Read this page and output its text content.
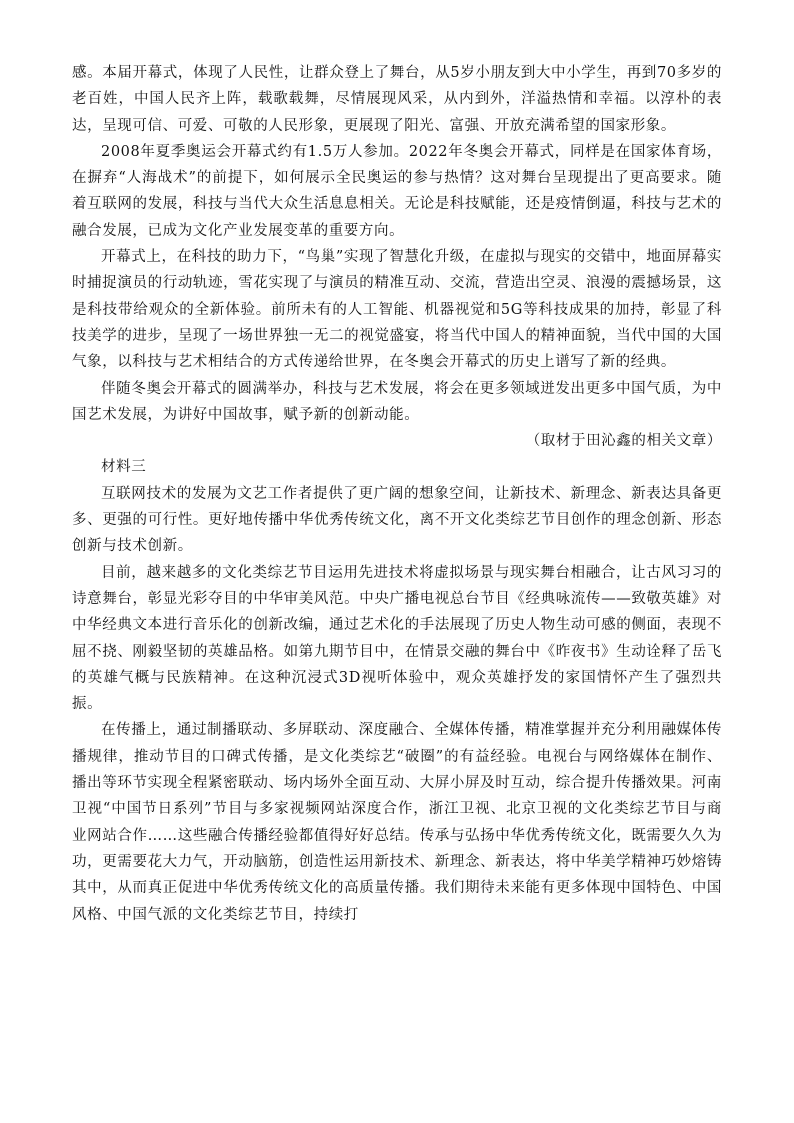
感。本届开幕式，体现了人民性，让群众登上了舞台，从5岁小朋友到大中小学生，再到70多岁的老百姓，中国人民齐上阵，载歌载舞，尽情展现风采，从内到外，洋溢热情和幸福。以淳朴的表达，呈现可信、可爱、可敬的人民形象，更展现了阳光、富强、开放充满希望的国家形象。

2008年夏季奥运会开幕式约有1.5万人参加。2022年冬奥会开幕式，同样是在国家体育场，在摒弃“人海战术”的前提下，如何展示全民奥运的参与热情？这对舞台呈现提出了更高要求。随着互联网的发展，科技与当代大众生活息息相关。无论是科技赋能，还是疫情倒逼，科技与艺术的融合发展，已成为文化产业发展变革的重要方向。

开幕式上，在科技的助力下，“鸟巢”实现了智慧化升级，在虚拟与现实的交错中，地面屏幕实时捕捉演员的行动轨迹，雪花实现了与演员的精准互动、交流，营造出空灵、浪漫的震撼场景，这是科技带给观众的全新体验。前所未有的人工智能、机器视觉和5G等科技成果的加持，彰显了科技美学的进步，呈现了一场世界独一无二的视觉盛宴，将当代中国人的精神面貌，当代中国的大国气象，以科技与艺术相结合的方式传递给世界，在冬奥会开幕式的历史上谱写了新的经典。

伴随冬奥会开幕式的圆满举办，科技与艺术发展，将会在更多领域迸发出更多中国气质，为中国艺术发展，为讲好中国故事，赋予新的创新动能。

（取材于田沁鑫的相关文章）

材料三

互联网技术的发展为文艺工作者提供了更广阔的想象空间，让新技术、新理念、新表达具备更多、更强的可行性。更好地传播中华优秀传统文化，离不开文化类综艺节目创作的理念创新、形态创新与技术创新。

目前，越来越多的文化类综艺节目运用先进技术将虚拟场景与现实舞台相融合，让古风习习的诗意舞台，彰显光彩夺目的中华审美风范。中央广播电视总台节目《经典咏流传——致敬英雄》对中华经典文本进行音乐化的创新改编，通过艺术化的手法展现了历史人物生动可感的侧面，表现不屈不挠、刚毅坚韧的英雄品格。如第九期节目中，在情景交融的舞台中《昨夜书》生动诠释了岳飞的英雄气概与民族精神。在这种沉浸式3D视听体验中，观众英雄抒发的家国情怀产生了强烈共振。

在传播上，通过制播联动、多屏联动、深度融合、全媒体传播，精准掌握并充分利用融媒体传播规律，推动节目的口碑式传播，是文化类综艺“破圈”的有益经验。电视台与网络媒体在制作、播出等环节实现全程紧密联动、场内场外全面互动、大屏小屏及时互动，综合提升传播效果。河南卫视“中国节日系列”节目与多家视频网站深度合作，浙江卫视、北京卫视的文化类综艺节目与商业网站合作……这些融合传播经验都值得好好总结。传承与弘扬中华优秀传统文化，既需要久久为功，更需要花大力气，开动脑筋，创造性运用新技术、新理念、新表达，将中华美学精神巧妙熔铸其中，从而真正促进中华优秀传统文化的高质量传播。我们期待未来能有更多体现中国特色、中国风格、中国气派的文化类综艺节目，持续打
